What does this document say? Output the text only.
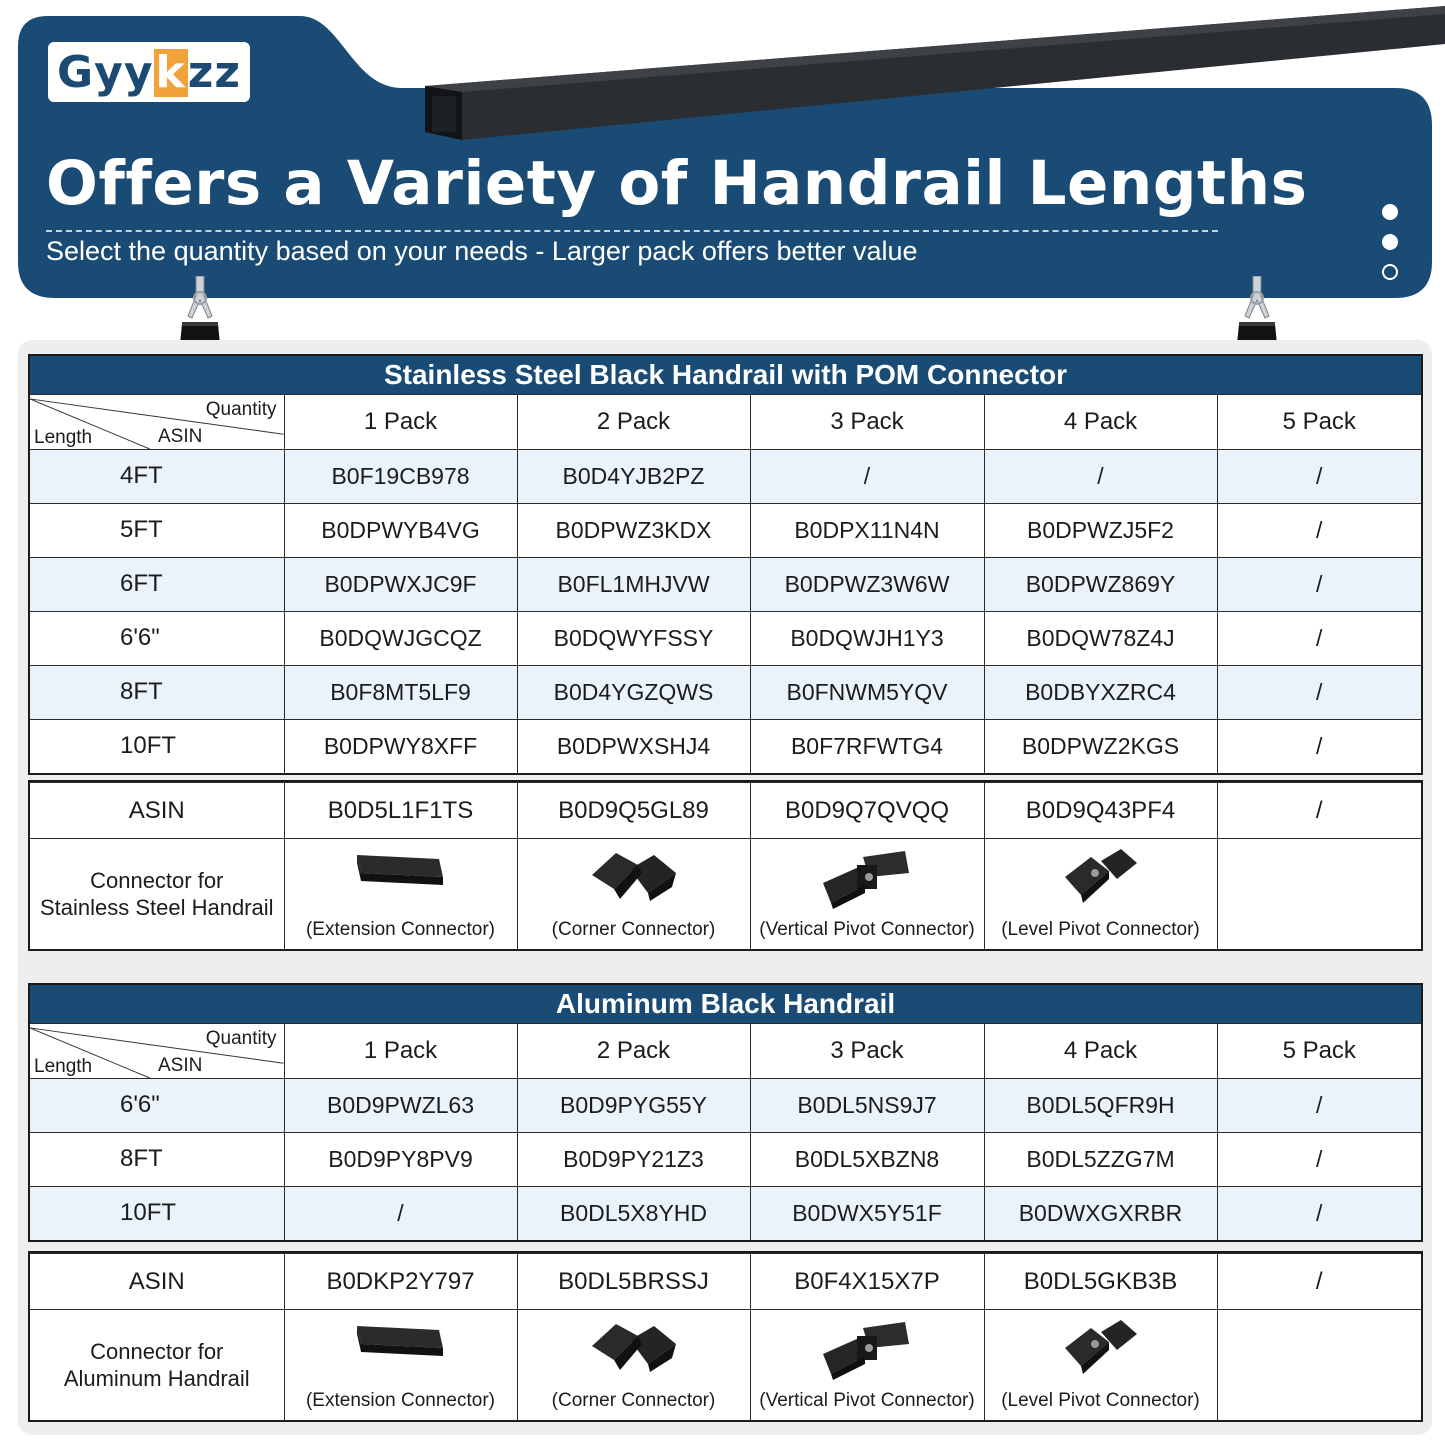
Gyykzz
Offers a Variety of Handrail Lengths
Select the quantity based on your needs - Larger pack offers better value
Stainless Steel Black Handrail with POM Connector					

Quantity
ASIN
Length	1 Pack	2 Pack	3 Pack	4 Pack	5 Pack
4FT	B0F19CB978	B0D4YJB2PZ	/	/	/
5FT	B0DPWYB4VG	B0DPWZ3KDX	B0DPX11N4N	B0DPWZJ5F2	/
6FT	B0DPWXJC9F	B0FL1MHJVW	B0DPWZ3W6W	B0DPWZ869Y	/
6'6"	B0DQWJGCQZ	B0DQWYFSSY	B0DQWJH1Y3	B0DQW78Z4J	/
8FT	B0F8MT5LF9	B0D4YGZQWS	B0FNWM5YQV	B0DBYXZRC4	/
10FT	B0DPWY8XFF	B0DPWXSHJ4	B0F7RFWTG4	B0DPWZ2KGS	/
ASIN	B0D5L1F1TS	B0D9Q5GL89	B0D9Q7QVQQ	B0D9Q43PF4	/
Connector for
Stainless Steel Handrail	(Extension Connector)	(Corner Connector)	(Vertical Pivot Connector)	(Level Pivot Connector)	

Aluminum Black Handrail					

Quantity
ASIN
Length	1 Pack	2 Pack	3 Pack	4 Pack	5 Pack
6'6"	B0D9PWZL63	B0D9PYG55Y	B0DL5NS9J7	B0DL5QFR9H	/
8FT	B0D9PY8PV9	B0D9PY21Z3	B0DL5XBZN8	B0DL5ZZG7M	/
10FT	/	B0DL5X8YHD	B0DWX5Y51F	B0DWXGXRBR	/
ASIN	B0DKP2Y797	B0DL5BRSSJ	B0F4X15X7P	B0DL5GKB3B	/
Connector for
Aluminum Handrail	(Extension Connector)	(Corner Connector)	(Vertical Pivot Connector)	(Level Pivot Connector)	
